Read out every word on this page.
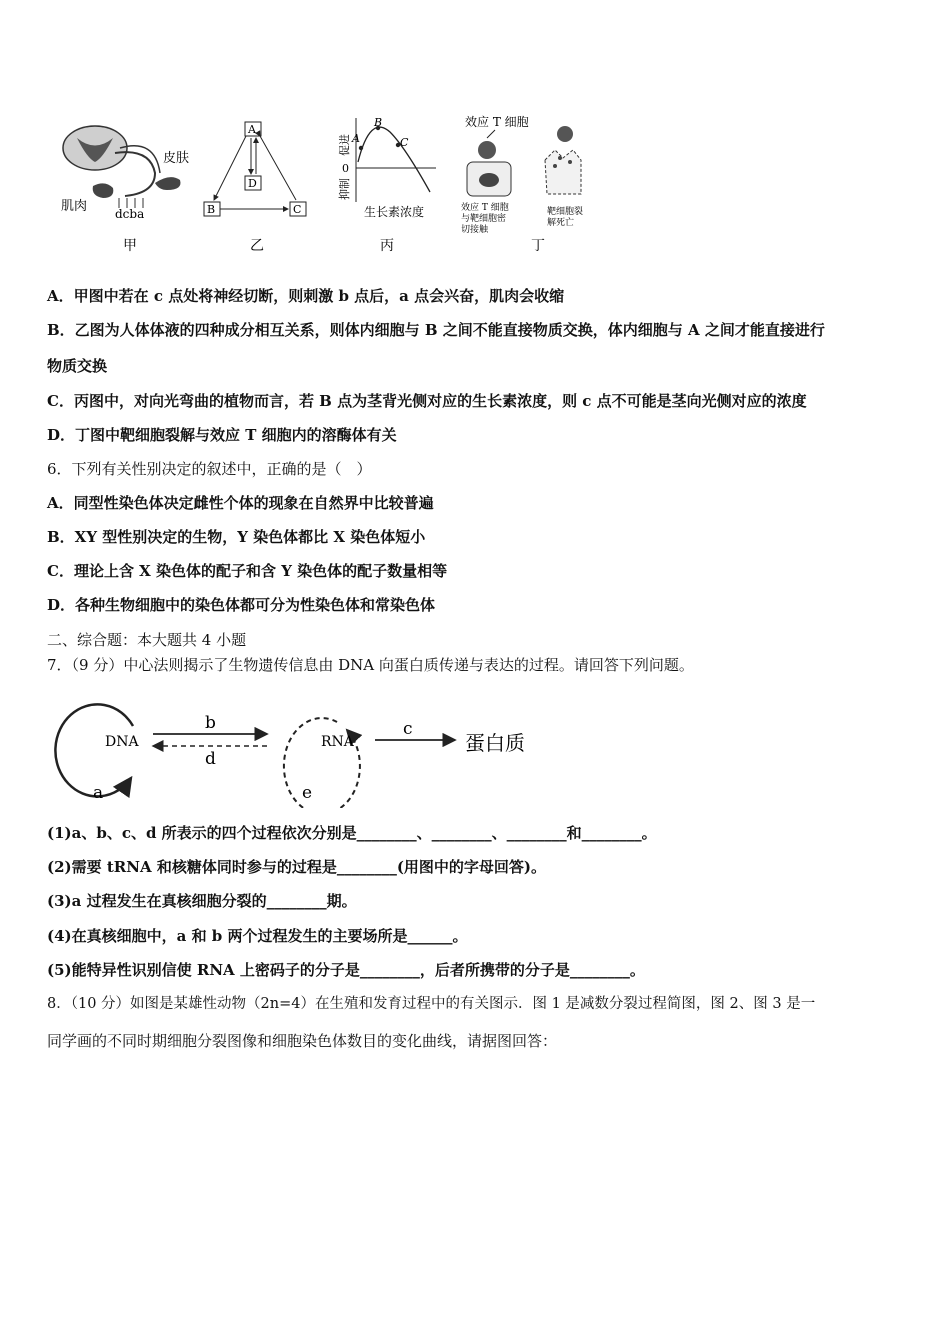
皮肤
肌肉 dcba
甲
A
B	C
D
乙
A
B
C
0
促进
抑制
生长素浓度
丙
效应 T 细胞
效应 T 细胞
与靶细胞密
切接触
靶细胞裂
解死亡
丁
A．甲图中若在 c 点处将神经切断，则刺激 b 点后，a 点会兴奋，肌肉会收缩
B．乙图为人体体液的四种成分相互关系，则体内细胞与 B 之间不能直接物质交换，体内细胞与 A 之间才能直接进行
物质交换
C．丙图中，对向光弯曲的植物而言，若 B 点为茎背光侧对应的生长素浓度，则 c 点不可能是茎向光侧对应的浓度
D．丁图中靶细胞裂解与效应 T 细胞内的溶酶体有关
6．下列有关性别决定的叙述中，正确的是（　）
A．同型性染色体决定雌性个体的现象在自然界中比较普遍
B．XY 型性别决定的生物，Y 染色体都比 X 染色体短小
C．理论上含 X 染色体的配子和含 Y 染色体的配子数量相等
D．各种生物细胞中的染色体都可分为性染色体和常染色体
二、综合题：本大题共 4 小题
7．（9 分）中心法则揭示了生物遗传信息由 DNA 向蛋白质传递与表达的过程。请回答下列问题。
DNA	RNA	蛋白质
a
b	c
d
e
(1)a、b、c、d 所表示的四个过程依次分别是________、________、________和________。
(2)需要 tRNA 和核糖体同时参与的过程是________(用图中的字母回答)。
(3)a 过程发生在真核细胞分裂的________期。
(4)在真核细胞中，a 和 b 两个过程发生的主要场所是______。
(5)能特异性识别信使 RNA 上密码子的分子是________，后者所携带的分子是________。
8．（10 分）如图是某雄性动物（2n=4）在生殖和发育过程中的有关图示．图 1 是减数分裂过程简图，图 2、图 3 是一
同学画的不同时期细胞分裂图像和细胞染色体数目的变化曲线，请据图回答：
